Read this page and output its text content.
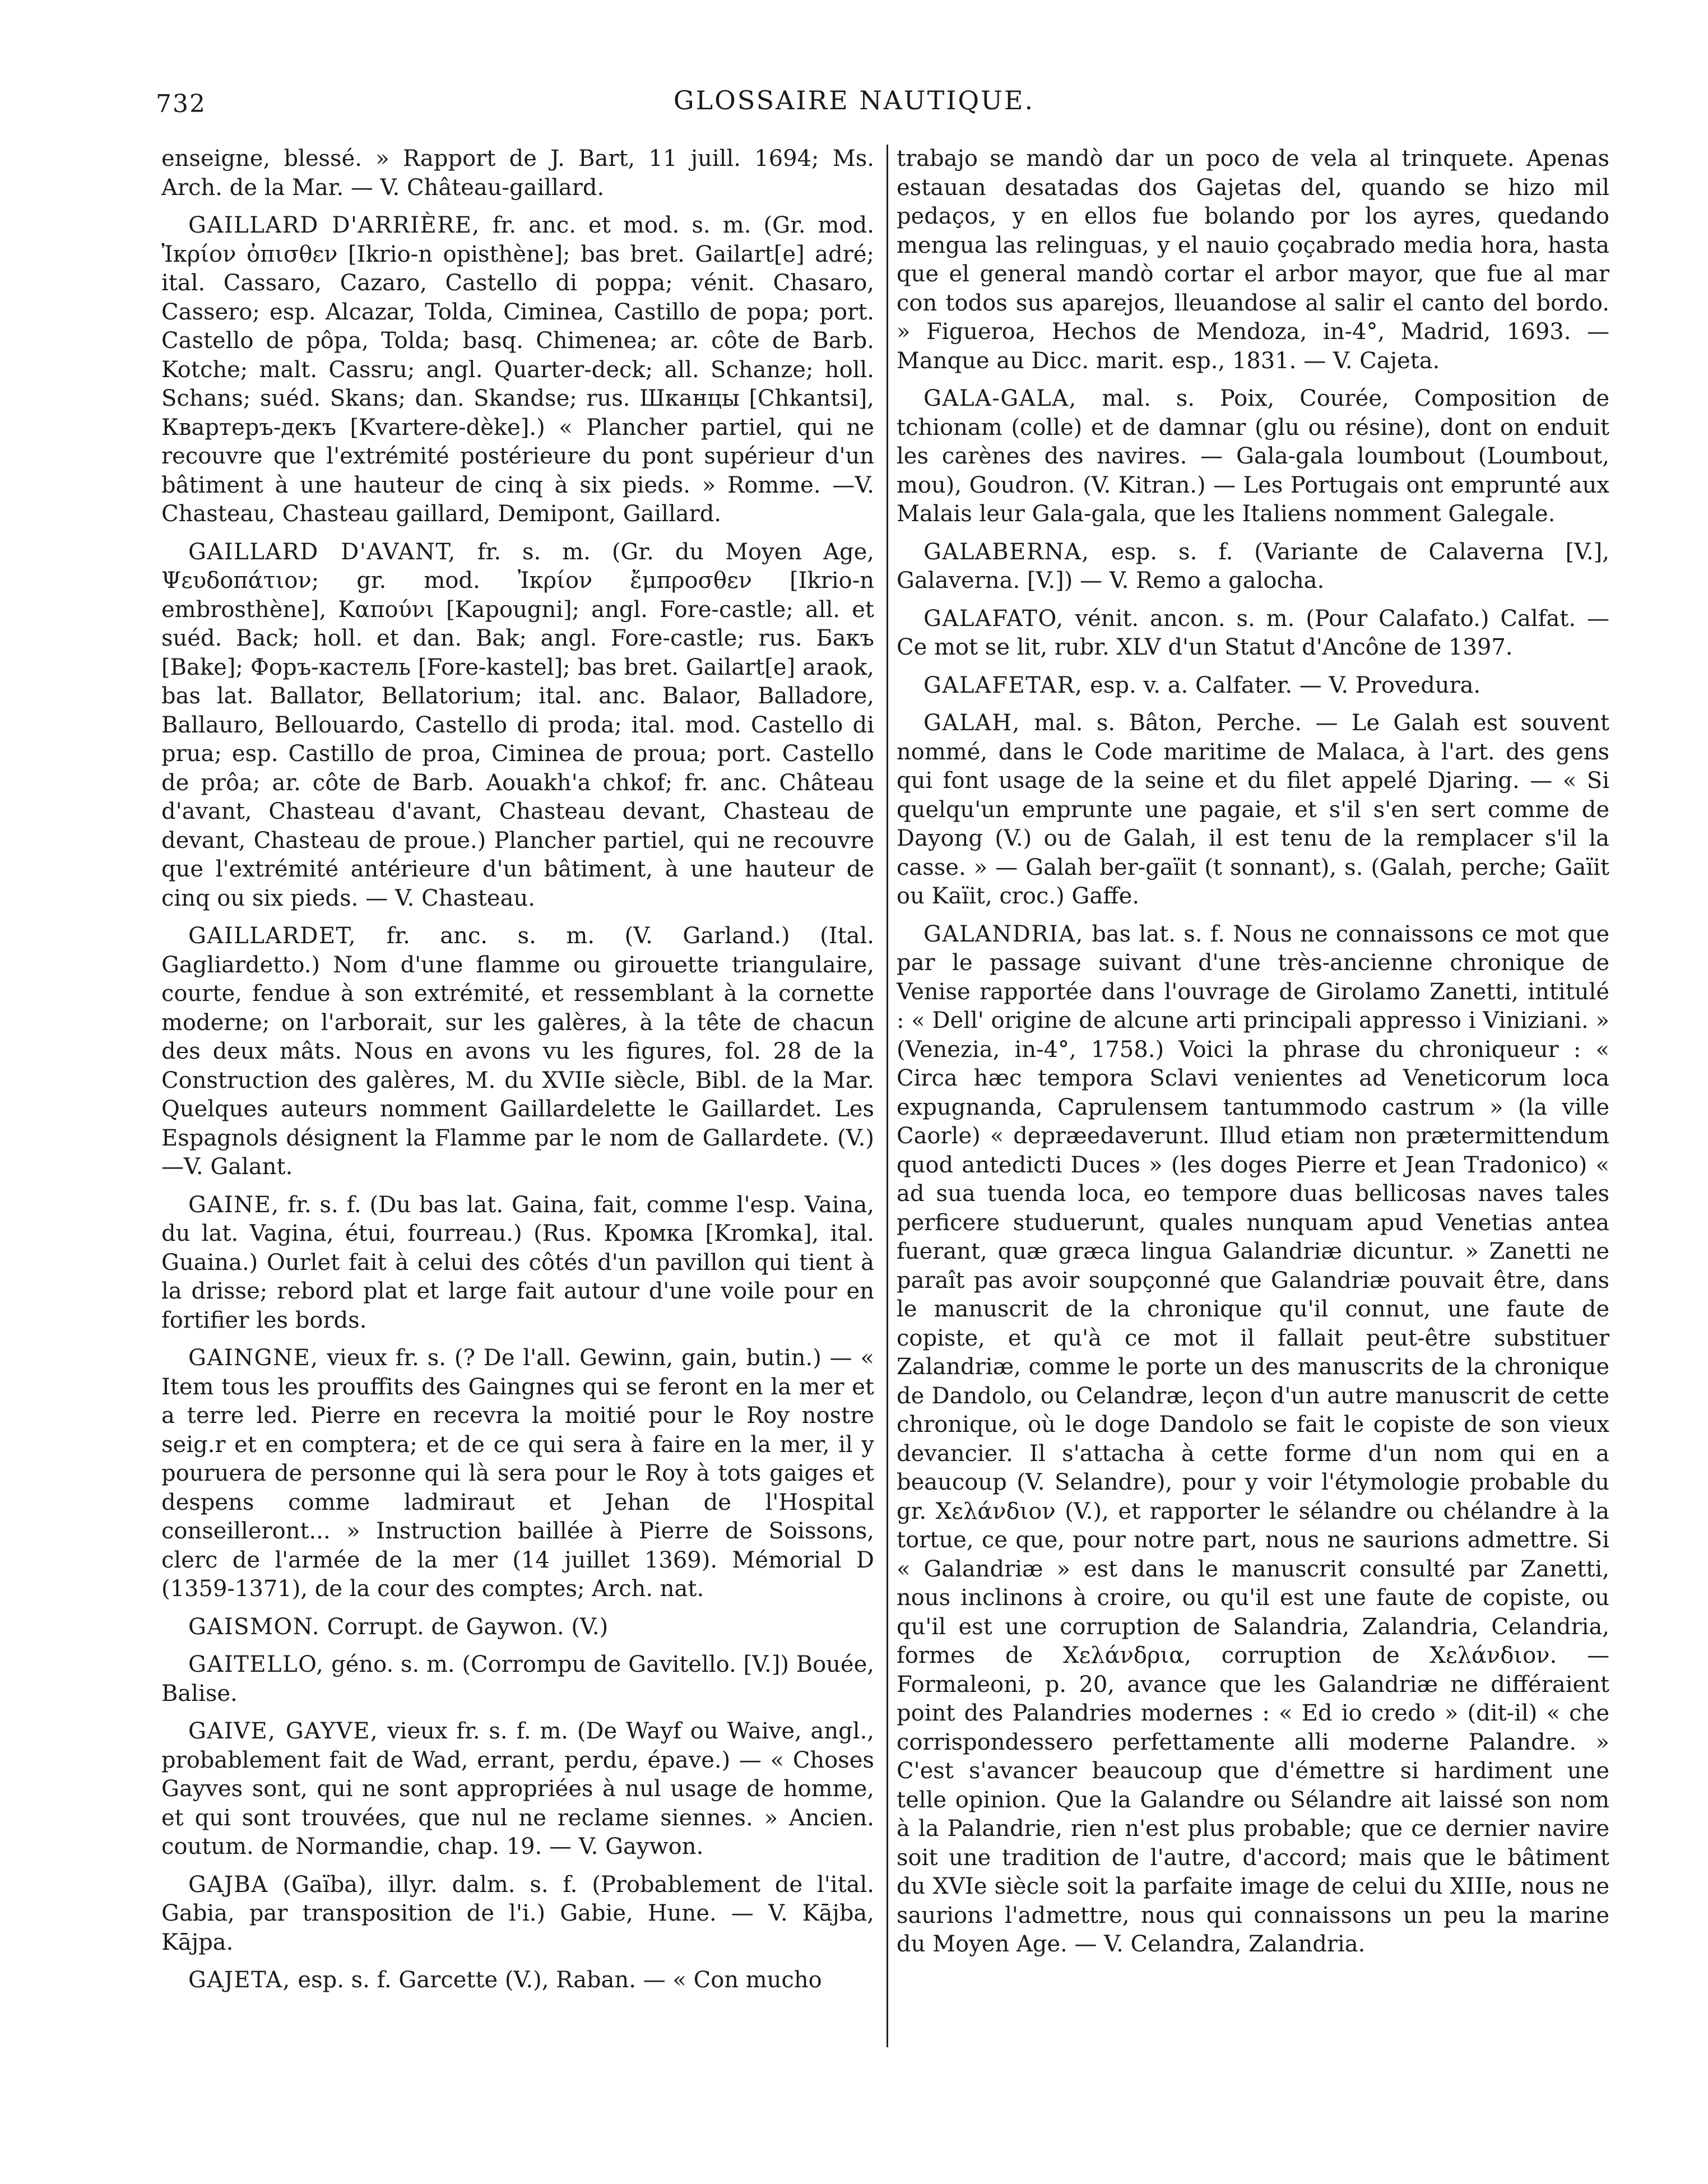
732	GLOSSAIRE NAUTIQUE.

enseigne, blessé. » Rapport de J. Bart, 11 juill. 1694; Ms. Arch. de la Mar. — V. Château-gaillard.

GAILLARD D'ARRIÈRE, fr. anc. et mod. s. m. (Gr. mod. Ἰκρίον ὀπισθεν [Ikrio-n opisthène]; bas bret. Gailart[e] adré; ital. Cassaro, Cazaro, Castello di poppa; vénit. Chasaro, Cassero; esp. Alcazar, Tolda, Ciminea, Castillo de popa; port. Castello de pôpa, Tolda; basq. Chimenea; ar. côte de Barb. Kotche; malt. Cassru; angl. Quarter-deck; all. Schanze; holl. Schans; suéd. Skans; dan. Skandse; rus. Шканцы [Chkantsi], Квартеръ-декъ [Kvartere-dèke].) « Plancher partiel, qui ne recouvre que l'extrémité postérieure du pont supérieur d'un bâtiment à une hauteur de cinq à six pieds. » Romme. —V. Chasteau, Chasteau gaillard, Demipont, Gaillard.

GAILLARD D'AVANT, fr. s. m. (Gr. du Moyen Age, Ψευδοπάτιον; gr. mod. Ἰκρίον ἔμπροσθεν [Ikrio-n embrosthène], Καπούνι [Kapougni]; angl. Fore-castle; all. et suéd. Back; holl. et dan. Bak; angl. Fore-castle; rus. Бакъ [Bake]; Форъ-кастель [Fore-kastel]; bas bret. Gailart[e] araok, bas lat. Ballator, Bellatorium; ital. anc. Balaor, Balladore, Ballauro, Bellouardo, Castello di proda; ital. mod. Castello di prua; esp. Castillo de proa, Ciminea de proua; port. Castello de prôa; ar. côte de Barb. Aouakh'a chkof; fr. anc. Château d'avant, Chasteau d'avant, Chasteau devant, Chasteau de devant, Chasteau de proue.) Plancher partiel, qui ne recouvre que l'extrémité antérieure d'un bâtiment, à une hauteur de cinq ou six pieds. — V. Chasteau.

GAILLARDET, fr. anc. s. m. (V. Garland.) (Ital. Gagliardetto.) Nom d'une flamme ou girouette triangulaire, courte, fendue à son extrémité, et ressemblant à la cornette moderne; on l'arborait, sur les galères, à la tête de chacun des deux mâts. Nous en avons vu les figures, fol. 28 de la Construction des galères, M. du XVIIe siècle, Bibl. de la Mar. Quelques auteurs nomment Gaillardelette le Gaillardet. Les Espagnols désignent la Flamme par le nom de Gallardete. (V.) —V. Galant.

GAINE, fr. s. f. (Du bas lat. Gaina, fait, comme l'esp. Vaina, du lat. Vagina, étui, fourreau.) (Rus. Кромка [Kromka], ital. Guaina.) Ourlet fait à celui des côtés d'un pavillon qui tient à la drisse; rebord plat et large fait autour d'une voile pour en fortifier les bords.

GAINGNE, vieux fr. s. (? De l'all. Gewinn, gain, butin.) — « Item tous les prouffits des Gaingnes qui se feront en la mer et a terre led. Pierre en recevra la moitié pour le Roy nostre seig.r et en comptera; et de ce qui sera à faire en la mer, il y pouruera de personne qui là sera pour le Roy à tots gaiges et despens comme ladmiraut et Jehan de l'Hospital conseilleront... » Instruction baillée à Pierre de Soissons, clerc de l'armée de la mer (14 juillet 1369). Mémorial D (1359-1371), de la cour des comptes; Arch. nat.

GAISMON. Corrupt. de Gaywon. (V.)

GAITELLO, géno. s. m. (Corrompu de Gavitello. [V.]) Bouée, Balise.

GAIVE, GAYVE, vieux fr. s. f. m. (De Wayf ou Waive, angl., probablement fait de Wad, errant, perdu, épave.) — « Choses Gayves sont, qui ne sont appropriées à nul usage de homme, et qui sont trouvées, que nul ne reclame siennes. » Ancien. coutum. de Normandie, chap. 19. — V. Gaywon.

GAJBA (Gaïba), illyr. dalm. s. f. (Probablement de l'ital. Gabia, par transposition de l'i.) Gabie, Hune. — V. Kājba, Kājpa.

GAJETA, esp. s. f. Garcette (V.), Raban. — « Con mucho

trabajo se mandò dar un poco de vela al trinquete. Apenas estauan desatadas dos Gajetas del, quando se hizo mil pedaços, y en ellos fue bolando por los ayres, quedando mengua las relinguas, y el nauio çoçabrado media hora, hasta que el general mandò cortar el arbor mayor, que fue al mar con todos sus aparejos, lleuandose al salir el canto del bordo. » Figueroa, Hechos de Mendoza, in-4°, Madrid, 1693. — Manque au Dicc. marit. esp., 1831. — V. Cajeta.

GALA-GALA, mal. s. Poix, Courée, Composition de tchionam (colle) et de damnar (glu ou résine), dont on enduit les carènes des navires. — Gala-gala loumbout (Loumbout, mou), Goudron. (V. Kitran.) — Les Portugais ont emprunté aux Malais leur Gala-gala, que les Italiens nomment Galegale.

GALABERNA, esp. s. f. (Variante de Calaverna [V.], Galaverna. [V.]) — V. Remo a galocha.

GALAFATO, vénit. ancon. s. m. (Pour Calafato.) Calfat. — Ce mot se lit, rubr. XLV d'un Statut d'Ancône de 1397.

GALAFETAR, esp. v. a. Calfater. — V. Provedura.

GALAH, mal. s. Bâton, Perche. — Le Galah est souvent nommé, dans le Code maritime de Malaca, à l'art. des gens qui font usage de la seine et du filet appelé Djaring. — « Si quelqu'un emprunte une pagaie, et s'il s'en sert comme de Dayong (V.) ou de Galah, il est tenu de la remplacer s'il la casse. » — Galah ber-gaïit (t sonnant), s. (Galah, perche; Gaïit ou Kaïit, croc.) Gaffe.

GALANDRIA, bas lat. s. f. Nous ne connaissons ce mot que par le passage suivant d'une très-ancienne chronique de Venise rapportée dans l'ouvrage de Girolamo Zanetti, intitulé : « Dell' origine de alcune arti principali appresso i Viniziani. » (Venezia, in-4°, 1758.) Voici la phrase du chroniqueur : « Circa hæc tempora Sclavi venientes ad Veneticorum loca expugnanda, Caprulensem tantummodo castrum » (la ville Caorle) « depræedaverunt. Illud etiam non prætermittendum quod antedicti Duces » (les doges Pierre et Jean Tradonico) « ad sua tuenda loca, eo tempore duas bellicosas naves tales perficere studuerunt, quales nunquam apud Venetias antea fuerant, quæ græca lingua Galandriæ dicuntur. » Zanetti ne paraît pas avoir soupçonné que Galandriæ pouvait être, dans le manuscrit de la chronique qu'il connut, une faute de copiste, et qu'à ce mot il fallait peut-être substituer Zalandriæ, comme le porte un des manuscrits de la chronique de Dandolo, ou Celandræ, leçon d'un autre manuscrit de cette chronique, où le doge Dandolo se fait le copiste de son vieux devancier. Il s'attacha à cette forme d'un nom qui en a beaucoup (V. Selandre), pour y voir l'étymologie probable du gr. Χελάνδιον (V.), et rapporter le sélandre ou chélandre à la tortue, ce que, pour notre part, nous ne saurions admettre. Si « Galandriæ » est dans le manuscrit consulté par Zanetti, nous inclinons à croire, ou qu'il est une faute de copiste, ou qu'il est une corruption de Salandria, Zalandria, Celandria, formes de Χελάνδρια, corruption de Χελάνδιον. — Formaleoni, p. 20, avance que les Galandriæ ne différaient point des Palandries modernes : « Ed io credo » (dit-il) « che corrispondessero perfettamente alli moderne Palandre. » C'est s'avancer beaucoup que d'émettre si hardiment une telle opinion. Que la Galandre ou Sélandre ait laissé son nom à la Palandrie, rien n'est plus probable; que ce dernier navire soit une tradition de l'autre, d'accord; mais que le bâtiment du XVIe siècle soit la parfaite image de celui du XIIIe, nous ne saurions l'admettre, nous qui connaissons un peu la marine du Moyen Age. — V. Celandra, Zalandria.
